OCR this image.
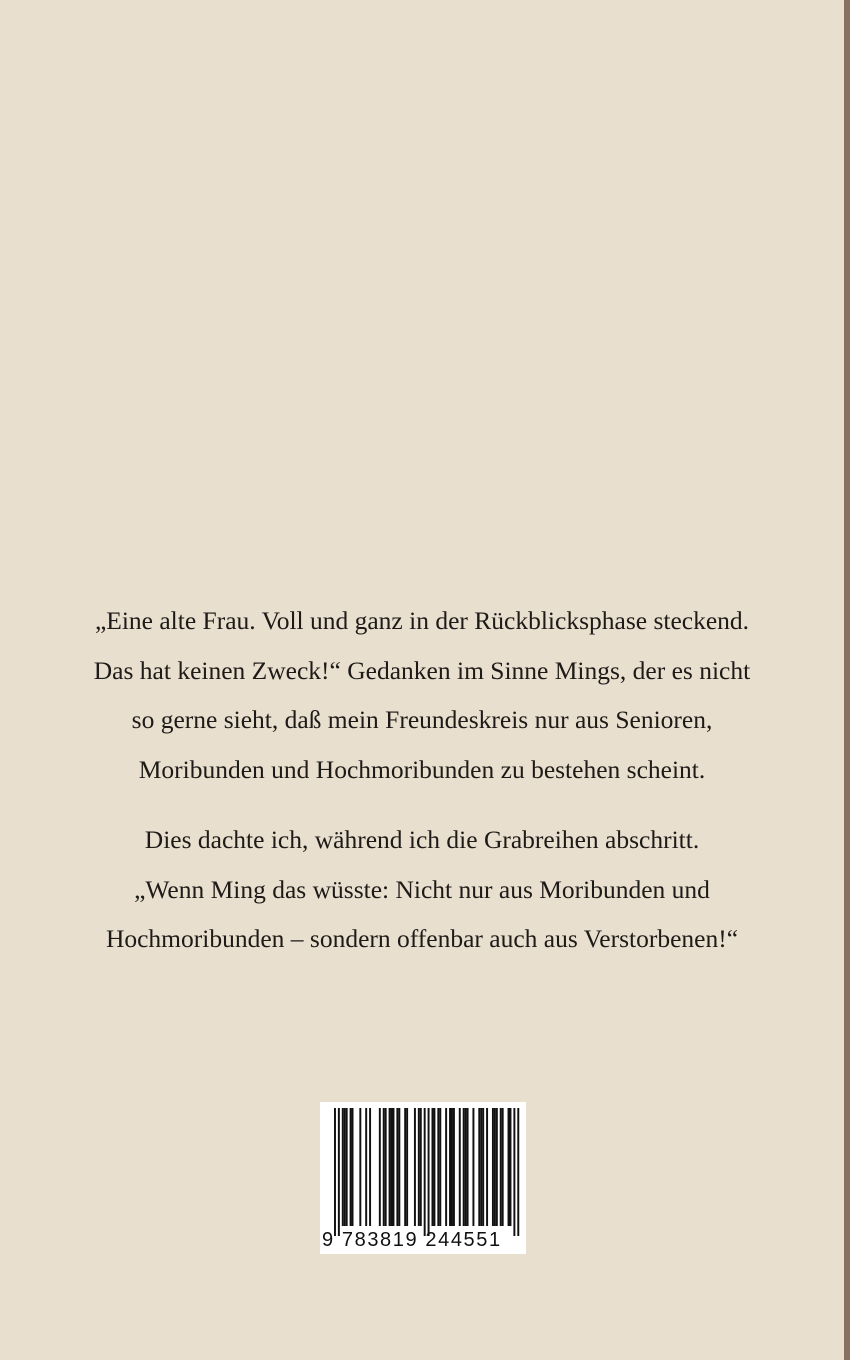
„Eine alte Frau. Voll und ganz in der Rückblicksphase steckend.
Das hat keinen Zweck!“ Gedanken im Sinne Mings, der es nicht
so gerne sieht, daß mein Freundeskreis nur aus Senioren,
Moribunden und Hochmoribunden zu bestehen scheint.

Dies dachte ich, während ich die Grabreihen abschritt.
„Wenn Ming das wüsste: Nicht nur aus Moribunden und
Hochmoribunden – sondern offenbar auch aus Verstorbenen!“

9 783819 244551
